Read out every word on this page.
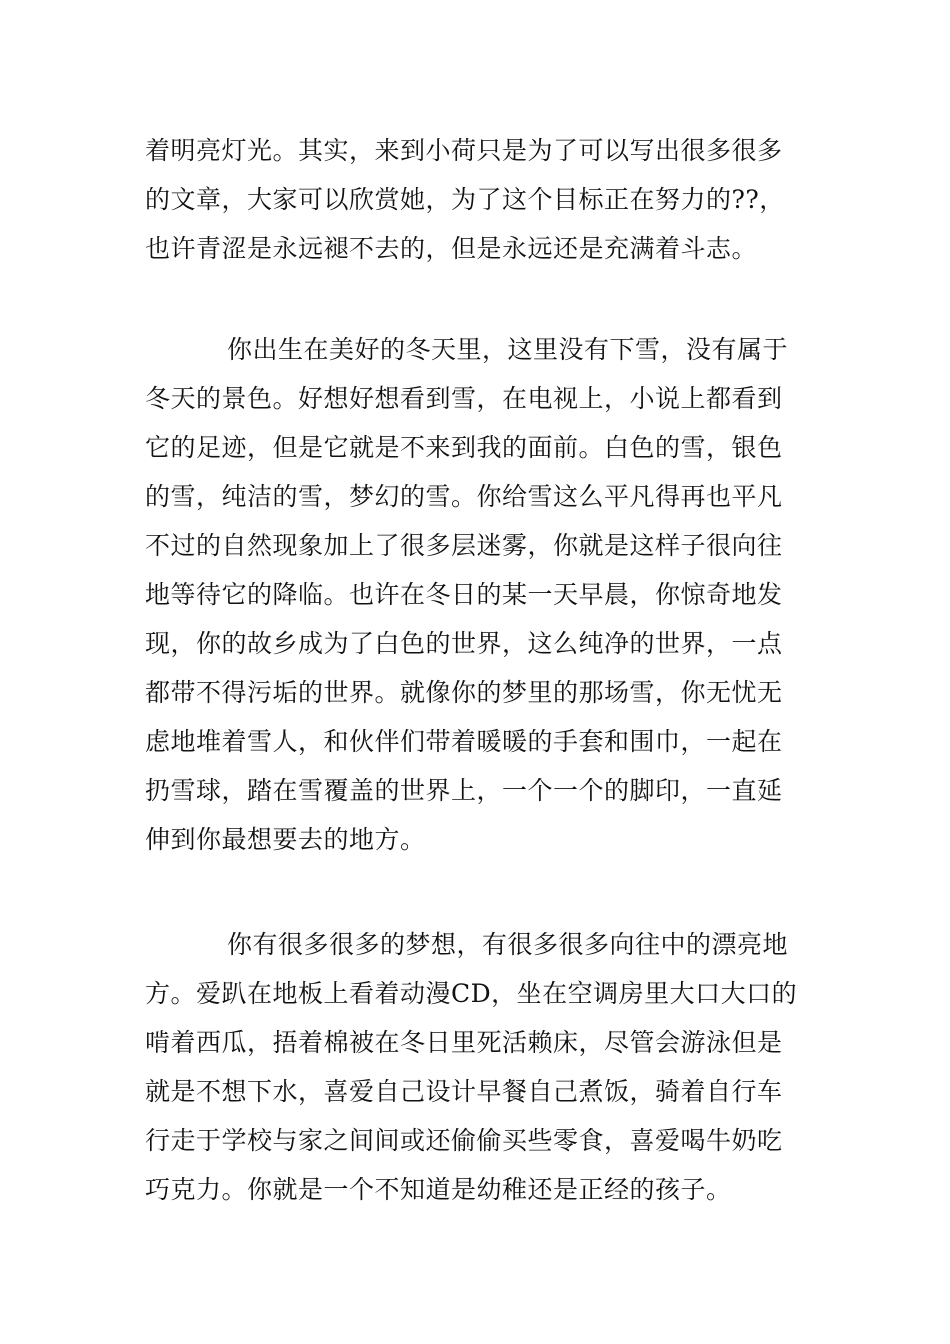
着明亮灯光。其实，来到小荷只是为了可以写出很多很多
的文章，大家可以欣赏她，为了这个目标正在努力的??，
也许青涩是永远褪不去的，但是永远还是充满着斗志。
你出生在美好的冬天里，这里没有下雪，没有属于
冬天的景色。好想好想看到雪，在电视上，小说上都看到
它的足迹，但是它就是不来到我的面前。白色的雪，银色
的雪，纯洁的雪，梦幻的雪。你给雪这么平凡得再也平凡
不过的自然现象加上了很多层迷雾，你就是这样子很向往
地等待它的降临。也许在冬日的某一天早晨，你惊奇地发
现，你的故乡成为了白色的世界，这么纯净的世界，一点
都带不得污垢的世界。就像你的梦里的那场雪，你无忧无
虑地堆着雪人，和伙伴们带着暖暖的手套和围巾，一起在
扔雪球，踏在雪覆盖的世界上，一个一个的脚印，一直延
伸到你最想要去的地方。
你有很多很多的梦想，有很多很多向往中的漂亮地
方。爱趴在地板上看着动漫CD，坐在空调房里大口大口的
啃着西瓜，捂着棉被在冬日里死活赖床，尽管会游泳但是
就是不想下水，喜爱自己设计早餐自己煮饭，骑着自行车
行走于学校与家之间间或还偷偷买些零食，喜爱喝牛奶吃
巧克力。你就是一个不知道是幼稚还是正经的孩子。
